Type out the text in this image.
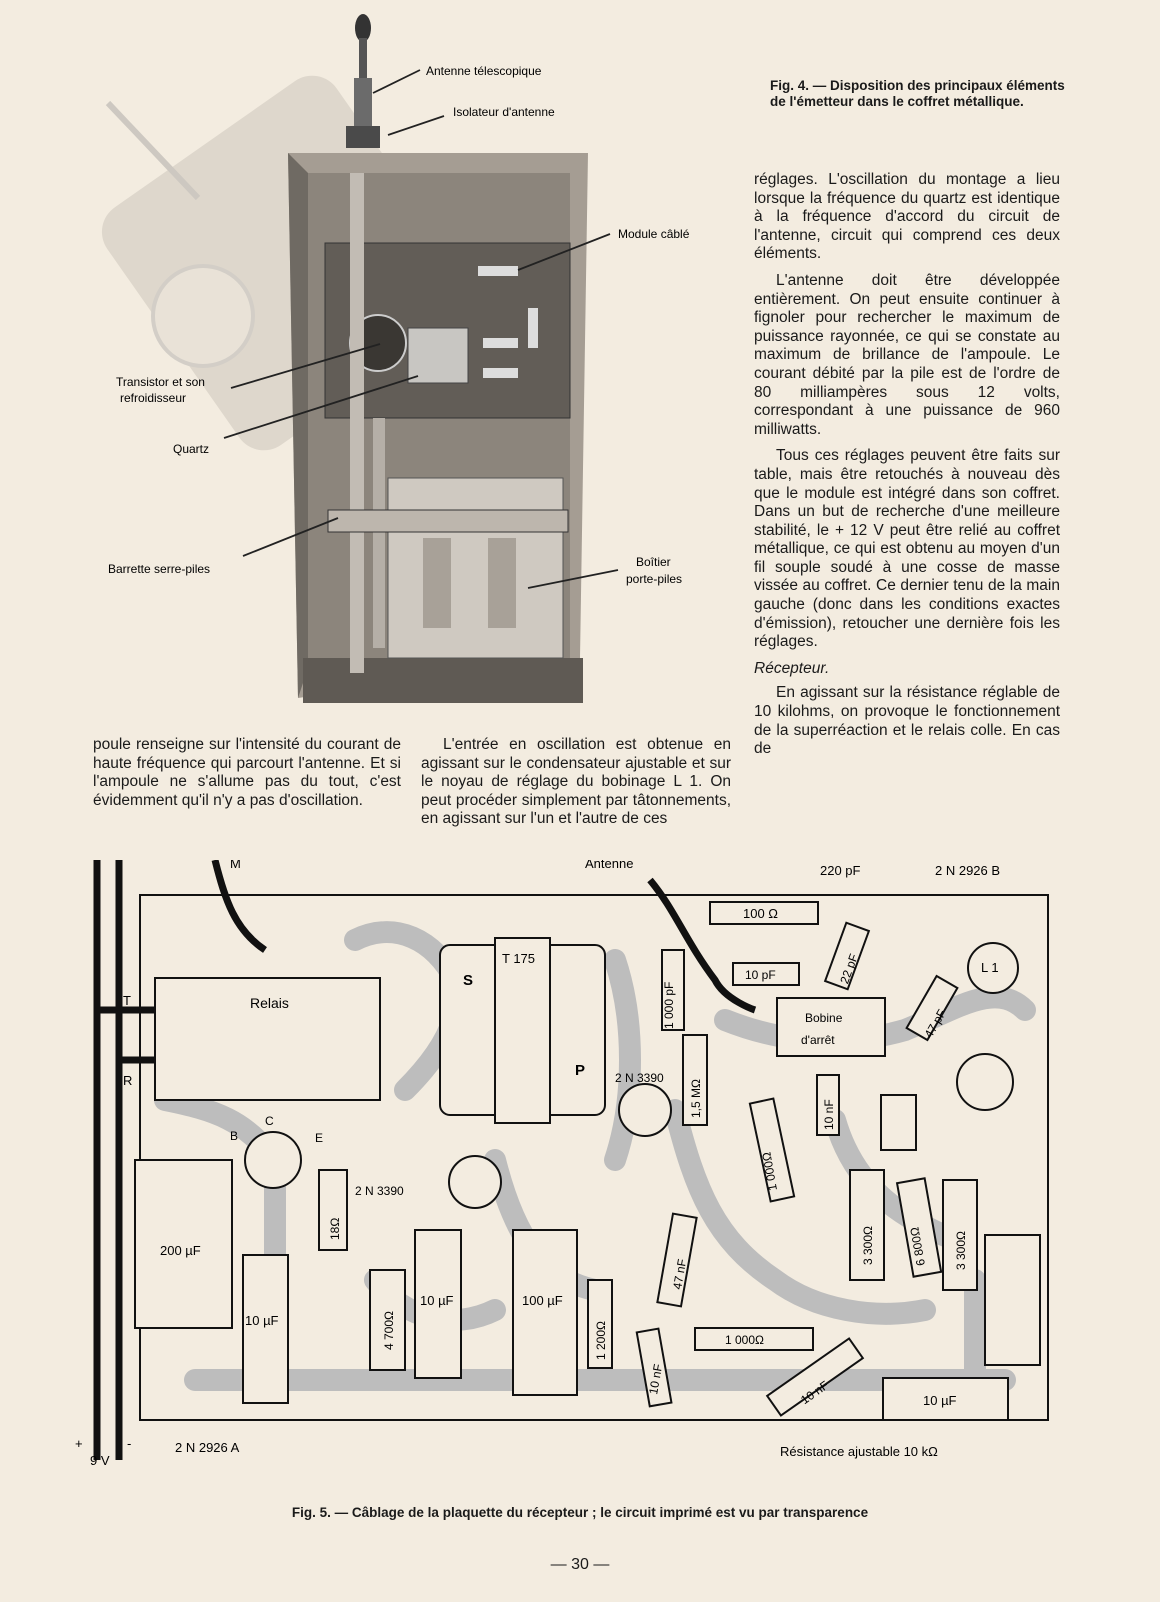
Antenne télescopique
Isolateur d'antenne
Module câblé
Transistor et son
refroidisseur
Quartz
Barrette serre-piles	Boîtier
porte-piles
Fig. 4. — Disposition des principaux éléments de l'émetteur dans le coffret métallique.

poule renseigne sur l'intensité du courant de haute fréquence qui parcourt l'antenne. Et si l'ampoule ne s'allume pas du tout, c'est évidemment qu'il n'y a pas d'oscillation.

L'entrée en oscillation est obtenue en agissant sur le condensateur ajustable et sur le noyau de réglage du bobinage L 1. On peut procéder simplement par tâtonnements, en agissant sur l'un et l'autre de ces

réglages. L'oscillation du montage a lieu lorsque la fréquence du quartz est identique à la fréquence d'accord du circuit de l'antenne, circuit qui comprend ces deux éléments.

L'antenne doit être développée entièrement. On peut ensuite continuer à fignoler pour rechercher le maximum de puissance rayonnée, ce qui se constate au maximum de brillance de l'ampoule. Le courant débité par la pile est de l'ordre de 80 milliampères sous 12 volts, correspondant à une puissance de 960 milliwatts.

Tous ces réglages peuvent être faits sur table, mais être retouchés à nouveau dès que le module est intégré dans son coffret. Dans un but de recherche d'une meilleure stabilité, le + 12 V peut être relié au coffret métallique, ce qui est obtenu au moyen d'un fil souple soudé à une cosse de masse vissée au coffret. Ce dernier tenu de la main gauche (donc dans les conditions exactes d'émission), retoucher une dernière fois les réglages.

Récepteur.

En agissant sur la résistance réglable de 10 kilohms, on provoque le fonctionnement de la superréaction et le relais colle. En cas de

Relais
S
T 175
P
M	Antenne	220 pF	2 N 2926 B
T
R
1 000 pF
100 Ω
10 pF	22 pF	L 1
Bobine
d'arrêt	47 pF
2 N 3390
1,5 MΩ	10 nF
1 000Ω
2 N 3390
200 µF
18Ω
10 µF	4 700Ω
10 µF	100 µF
1 200Ω
47 nF
10 nF
1 000Ω
10 nF
3 300Ω	6 800Ω 3 300Ω
10 µF
B
C
E
+	-
9 V
2 N 2926 A	Résistance ajustable 10 kΩ
Fig. 5. — Câblage de la plaquette du récepteur ; le circuit imprimé est vu par transparence
— 30 —
